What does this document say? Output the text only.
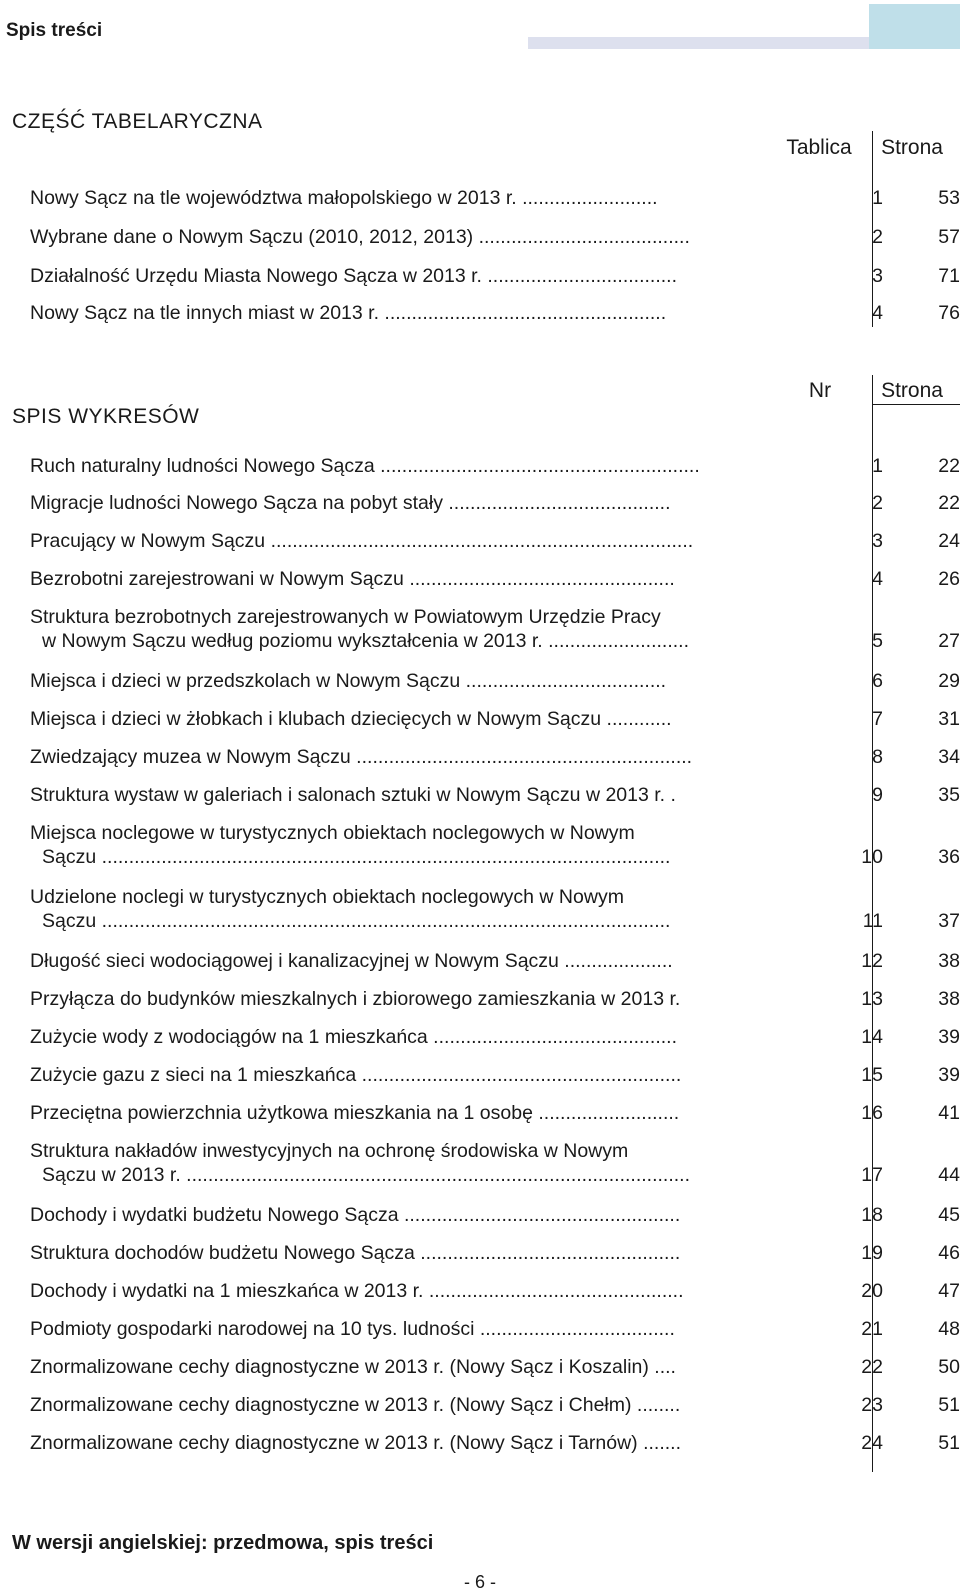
Spis treści
CZĘŚĆ TABELARYCZNA
Tablica	Strona
Nowy Sącz na tle województwa małopolskiego w 2013 r. .........................	1	53
Wybrane dane o Nowym Sączu (2010, 2012, 2013) .......................................	2	57
Działalność Urzędu Miasta Nowego Sącza w 2013 r. ...................................	3	71
Nowy Sącz na tle innych miast w 2013 r. ....................................................	4	76
SPIS WYKRESÓW
Nr	Strona
Ruch naturalny ludności Nowego Sącza ...........................................................	1	22
Migracje ludności Nowego Sącza na pobyt stały .........................................	2	22
Pracujący w Nowym Sączu ..............................................................................	3	24
Bezrobotni zarejestrowani w Nowym Sączu .................................................	4	26
Struktura bezrobotnych zarejestrowanych w Powiatowym Urzędzie Pracy
w Nowym Sączu według poziomu wykształcenia w 2013 r. ..........................	5	27
Miejsca i dzieci w przedszkolach w Nowym Sączu .....................................	6	29
Miejsca i dzieci w żłobkach i klubach dziecięcych w Nowym Sączu ............	7	31
Zwiedzający muzea w Nowym Sączu ..............................................................	8	34
Struktura wystaw w galeriach i salonach sztuki w Nowym Sączu w 2013 r. .	9	35
Miejsca noclegowe w turystycznych obiektach noclegowych w Nowym
Sączu .........................................................................................................	10	36
Udzielone noclegi w turystycznych obiektach noclegowych w Nowym
Sączu .........................................................................................................	11	37
Długość sieci wodociągowej i kanalizacyjnej w Nowym Sączu ....................	12	38
Przyłącza do budynków mieszkalnych i zbiorowego zamieszkania w 2013 r.	13	38
Zużycie wody z wodociągów na 1 mieszkańca .............................................	14	39
Zużycie gazu z sieci na 1 mieszkańca ...........................................................	15	39
Przeciętna powierzchnia użytkowa mieszkania na 1 osobę ..........................	16	41
Struktura nakładów inwestycyjnych na ochronę środowiska w Nowym
Sączu w 2013 r. .............................................................................................	17	44
Dochody i wydatki budżetu Nowego Sącza ...................................................	18	45
Struktura dochodów budżetu Nowego Sącza ................................................	19	46
Dochody i wydatki na 1 mieszkańca w 2013 r. ...............................................	20	47
Podmioty gospodarki narodowej na 10 tys. ludności ....................................	21	48
Znormalizowane cechy diagnostyczne w 2013 r. (Nowy Sącz i Koszalin) ....	22	50
Znormalizowane cechy diagnostyczne w 2013 r. (Nowy Sącz i Chełm) ........	23	51
Znormalizowane cechy diagnostyczne w 2013 r. (Nowy Sącz i Tarnów) .......	24	51
W wersji angielskiej: przedmowa, spis treści
- 6 -
